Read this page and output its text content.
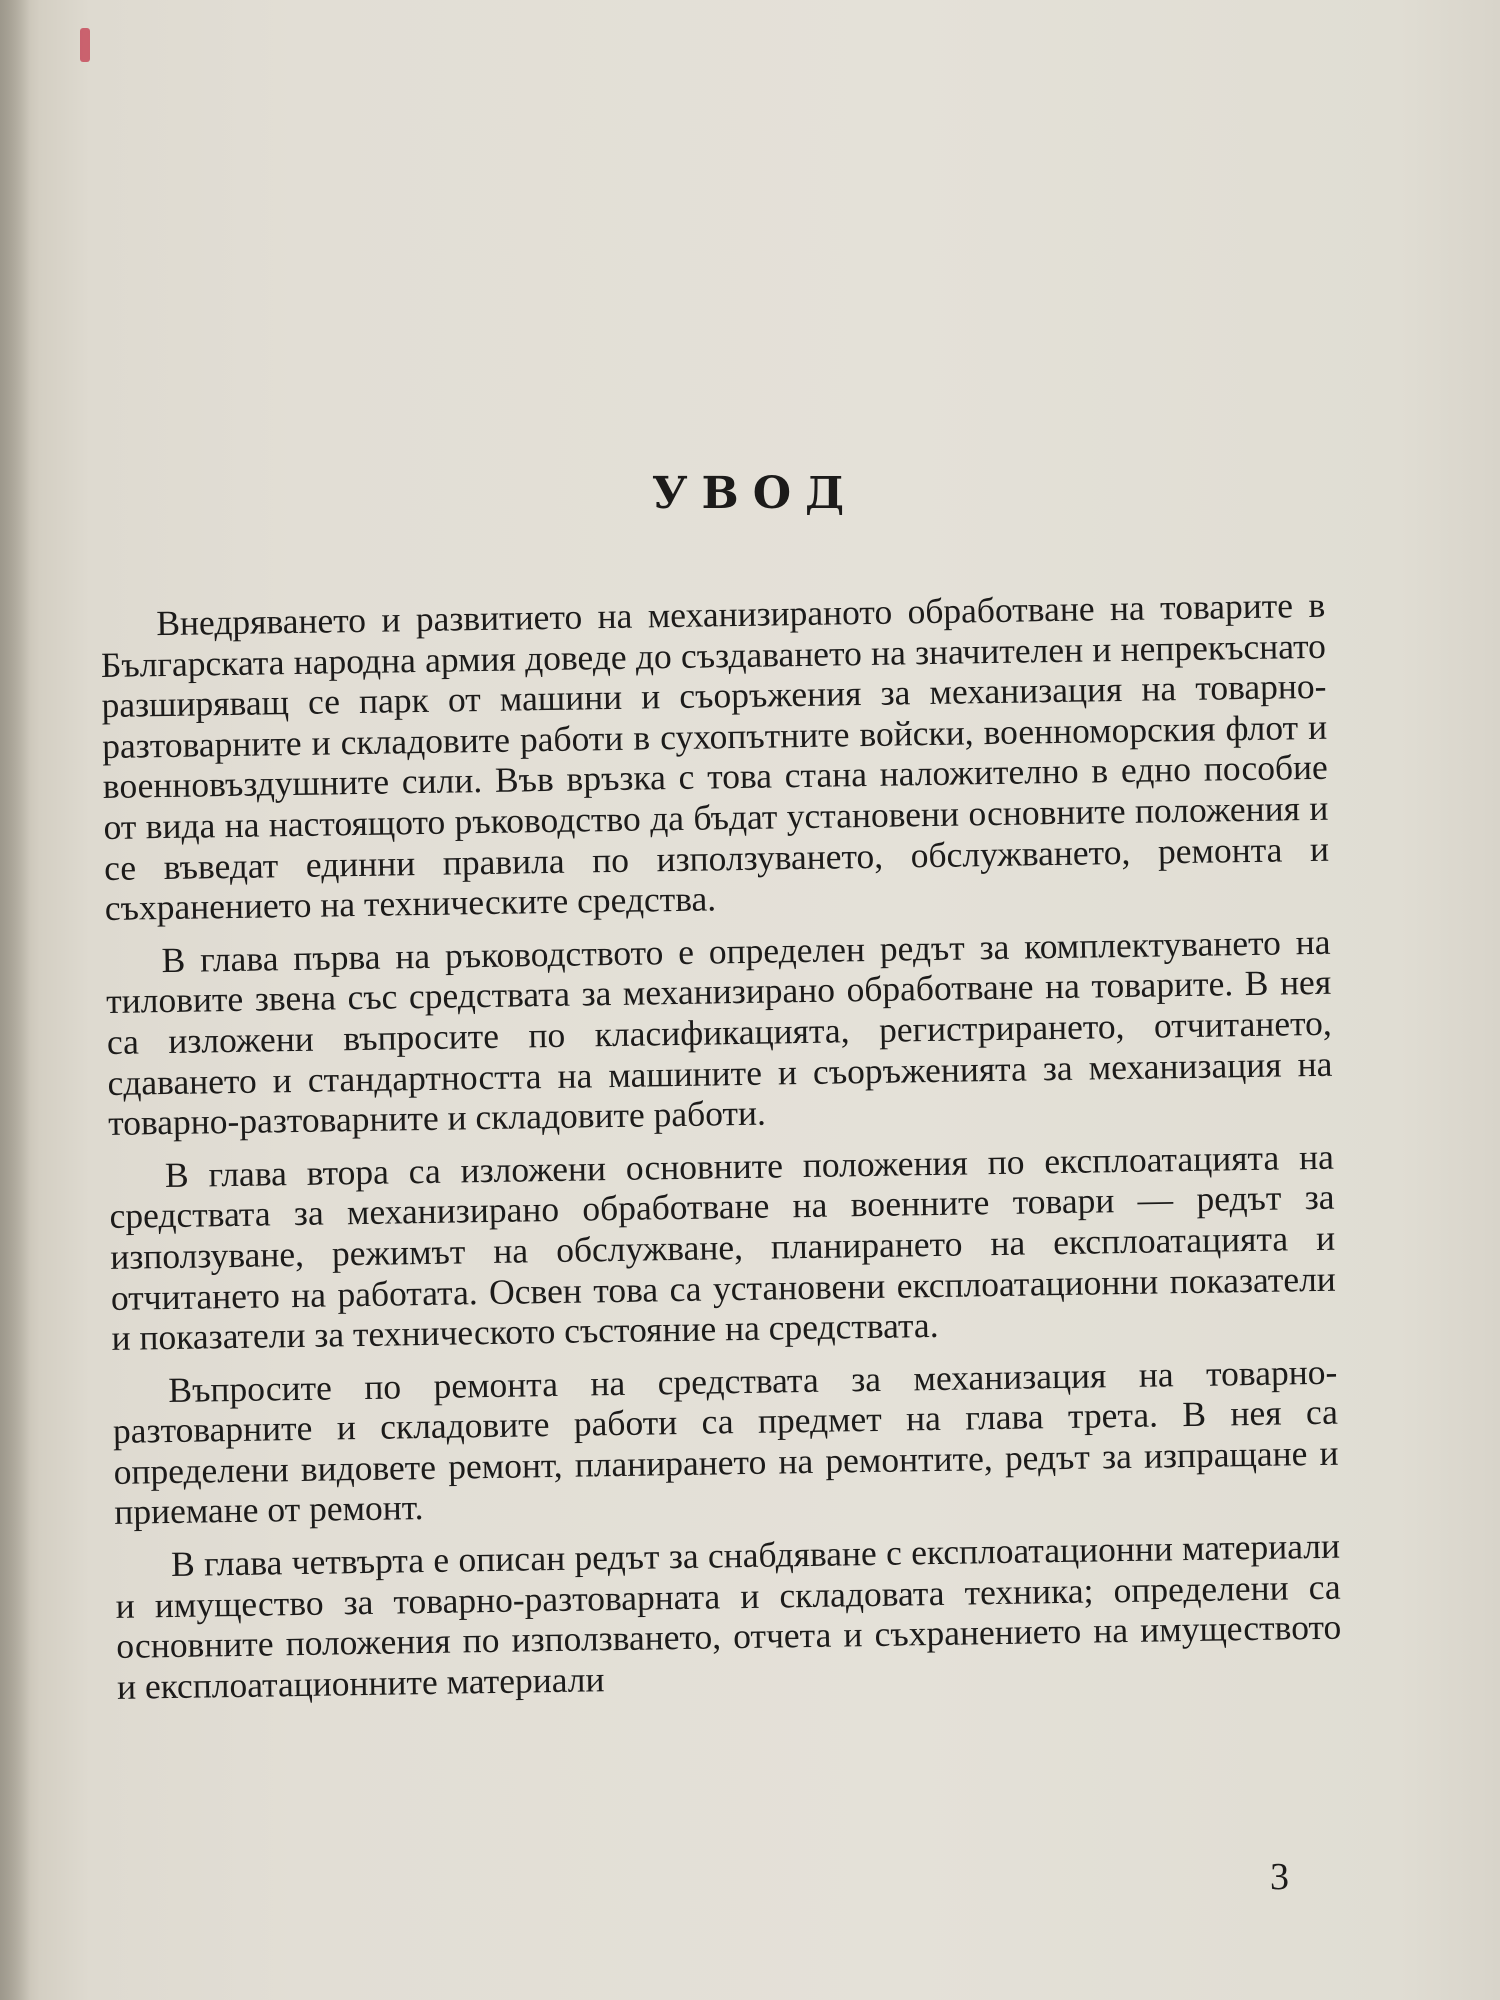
УВОД

Внедряването и развитието на механизираното обработване на товарите в Българската народна армия доведе до създаването на значителен и непрекъснато разширяващ се парк от машини и съоръжения за механизация на товарно-разтоварните и складовите работи в сухопътните войски, военноморския флот и военновъздушните сили. Във връзка с това стана наложително в едно пособие от вида на настоящото ръководство да бъдат установени основните положения и се въведат единни правила по използуването, обслужването, ремонта и съхранението на техническите средства.

В глава първа на ръководството е определен редът за комплектуването на тиловите звена със средствата за механизирано обработване на товарите. В нея са изложени въпросите по класификацията, регистрирането, отчитането, сдаването и стандартността на машините и съоръженията за механизация на товарно-разтоварните и складовите работи.

В глава втора са изложени основните положения по експлоатацията на средствата за механизирано обработване на военните товари — редът за използуване, режимът на обслужване, планирането на експлоатацията и отчитането на работата. Освен това са установени експлоатационни показатели и показатели за техническото състояние на средствата.

Въпросите по ремонта на средствата за механизация на товарно-разтоварните и складовите работи са предмет на глава трета. В нея са определени видовете ремонт, планирането на ремонтите, редът за изпращане и приемане от ремонт.

В глава четвърта е описан редът за снабдяване с експлоатационни материали и имущество за товарно-разтоварната и складовата техника; определени са основните положения по използването, отчета и съхранението на имуществото и експлоатационните материали

3
